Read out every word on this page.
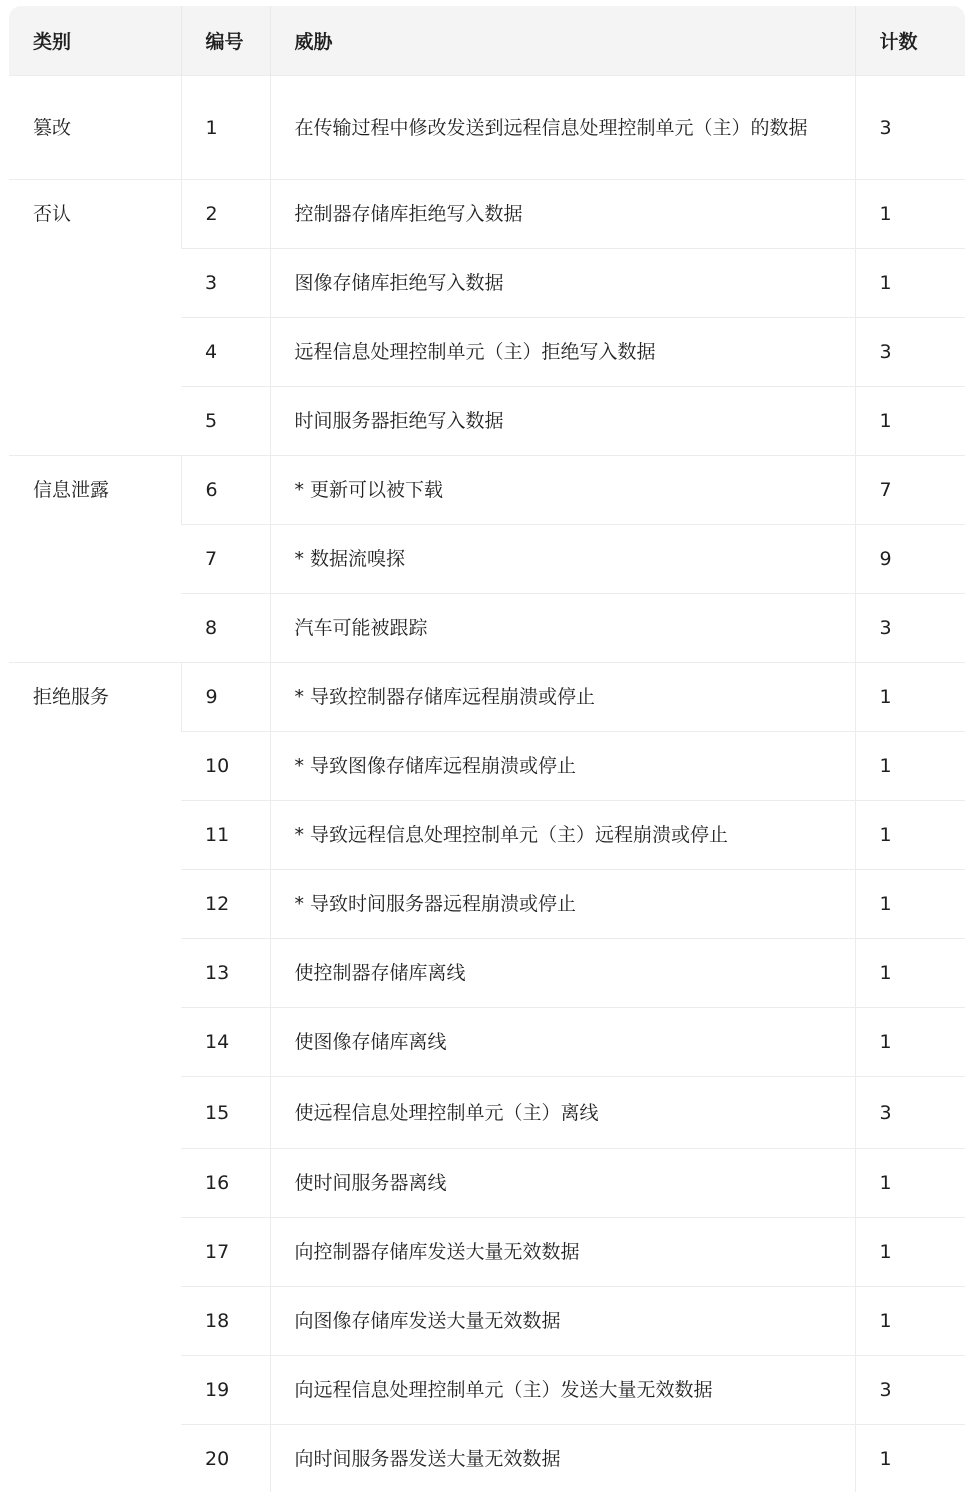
类别	编号	威胁	计数
篡改	1	在传输过程中修改发送到远程信息处理控制单元（主）的数据	3
否认	2	控制器存储库拒绝写入数据	1
	3	图像存储库拒绝写入数据	1
	4	远程信息处理控制单元（主）拒绝写入数据	3
	5	时间服务器拒绝写入数据	1
信息泄露	6	* 更新可以被下载	7
	7	* 数据流嗅探	9
	8	汽车可能被跟踪	3
拒绝服务	9	* 导致控制器存储库远程崩溃或停止	1
	10	* 导致图像存储库远程崩溃或停止	1
	11	* 导致远程信息处理控制单元（主）远程崩溃或停止	1
	12	* 导致时间服务器远程崩溃或停止	1
	13	使控制器存储库离线	1
	14	使图像存储库离线	1
	15	使远程信息处理控制单元（主）离线	3
	16	使时间服务器离线	1
	17	向控制器存储库发送大量无效数据	1
	18	向图像存储库发送大量无效数据	1
	19	向远程信息处理控制单元（主）发送大量无效数据	3
	20	向时间服务器发送大量无效数据	1
